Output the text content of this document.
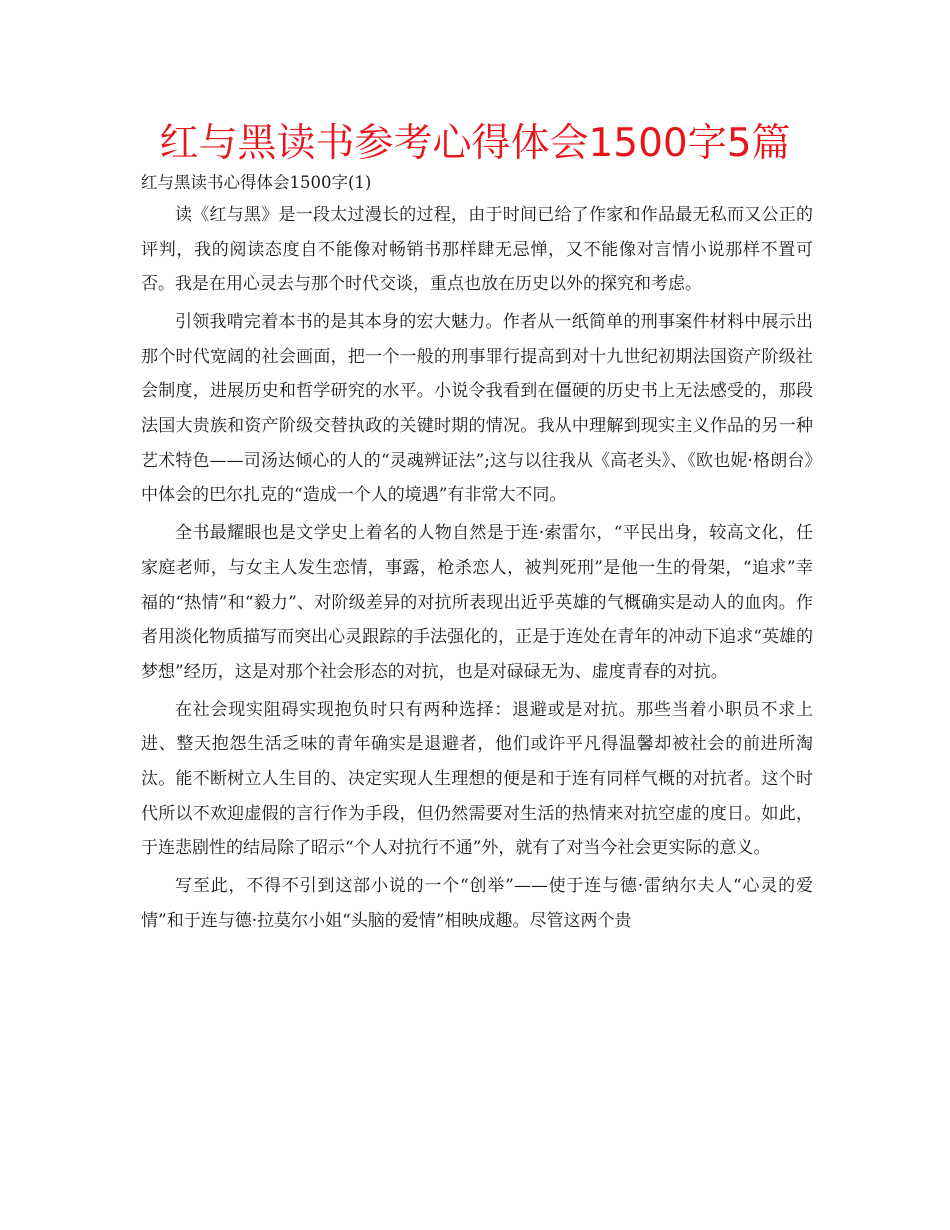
红与黑读书参考心得体会1500字5篇

红与黑读书心得体会1500字(1)

读《红与黑》是一段太过漫长的过程，由于时间已给了作家和作品最无私而又公正的评判，我的阅读态度自不能像对畅销书那样肆无忌惮，又不能像对言情小说那样不置可否。我是在用心灵去与那个时代交谈，重点也放在历史以外的探究和考虑。

引领我啃完着本书的是其本身的宏大魅力。作者从一纸简单的刑事案件材料中展示出那个时代宽阔的社会画面，把一个一般的刑事罪行提高到对十九世纪初期法国资产阶级社会制度，进展历史和哲学研究的水平。小说令我看到在僵硬的历史书上无法感受的，那段法国大贵族和资产阶级交替执政的关键时期的情况。我从中理解到现实主义作品的另一种艺术特色——司汤达倾心的人的“灵魂辨证法”;这与以往我从《高老头》、《欧也妮·格朗台》中体会的巴尔扎克的“造成一个人的境遇”有非常大不同。

全书最耀眼也是文学史上着名的人物自然是于连·索雷尔，“平民出身，较高文化，任家庭老师，与女主人发生恋情，事露，枪杀恋人，被判死刑”是他一生的骨架，“追求”幸福的“热情”和“毅力”、对阶级差异的对抗所表现出近乎英雄的气概确实是动人的血肉。作者用淡化物质描写而突出心灵跟踪的手法强化的，正是于连处在青年的冲动下追求“英雄的梦想”经历，这是对那个社会形态的对抗，也是对碌碌无为、虚度青春的对抗。

在社会现实阻碍实现抱负时只有两种选择：退避或是对抗。那些当着小职员不求上进、整天抱怨生活乏味的青年确实是退避者，他们或许平凡得温馨却被社会的前进所淘汰。能不断树立人生目的、决定实现人生理想的便是和于连有同样气概的对抗者。这个时代所以不欢迎虚假的言行作为手段，但仍然需要对生活的热情来对抗空虚的度日。如此，于连悲剧性的结局除了昭示“个人对抗行不通”外，就有了对当今社会更实际的意义。

写至此，不得不引到这部小说的一个“创举”——使于连与德·雷纳尔夫人“心灵的爱情”和于连与德·拉莫尔小姐“头脑的爱情”相映成趣。尽管这两个贵
